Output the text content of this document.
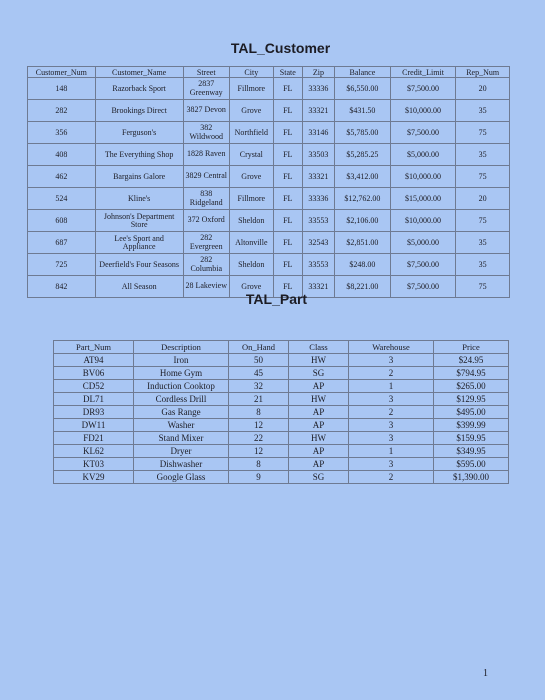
TAL_Customer
Customer_Num	Customer_Name	Street	City	State	Zip	Balance	Credit_Limit	Rep_Num
148	Razorback Sport	2837 Greenway	Fillmore	FL	33336	$6,550.00	$7,500.00	20
282	Brookings Direct	3827 Devon	Grove	FL	33321	$431.50	$10,000.00	35
356	Ferguson's	382 Wildwood	Northfield	FL	33146	$5,785.00	$7,500.00	75
408	The Everything Shop	1828 Raven	Crystal	FL	33503	$5,285.25	$5,000.00	35
462	Bargains Galore	3829 Central	Grove	FL	33321	$3,412.00	$10,000.00	75
524	Kline's	838 Ridgeland	Fillmore	FL	33336	$12,762.00	$15,000.00	20
608	Johnson's Department Store	372 Oxford	Sheldon	FL	33553	$2,106.00	$10,000.00	75
687	Lee's Sport and Appliance	282 Evergreen	Altonville	FL	32543	$2,851.00	$5,000.00	35
725	Deerfield's Four Seasons	282 Columbia	Sheldon	FL	33553	$248.00	$7,500.00	35
842	All Season	28 Lakeview	Grove	FL	33321	$8,221.00	$7,500.00	75
TAL_Part
Part_Num	Description	On_Hand	Class	Warehouse	Price
AT94	Iron	50	HW	3	$24.95
BV06	Home Gym	45	SG	2	$794.95
CD52	Induction Cooktop	32	AP	1	$265.00
DL71	Cordless Drill	21	HW	3	$129.95
DR93	Gas Range	8	AP	2	$495.00
DW11	Washer	12	AP	3	$399.99
FD21	Stand Mixer	22	HW	3	$159.95
KL62	Dryer	12	AP	1	$349.95
KT03	Dishwasher	8	AP	3	$595.00
KV29	Google Glass	9	SG	2	$1,390.00
1
